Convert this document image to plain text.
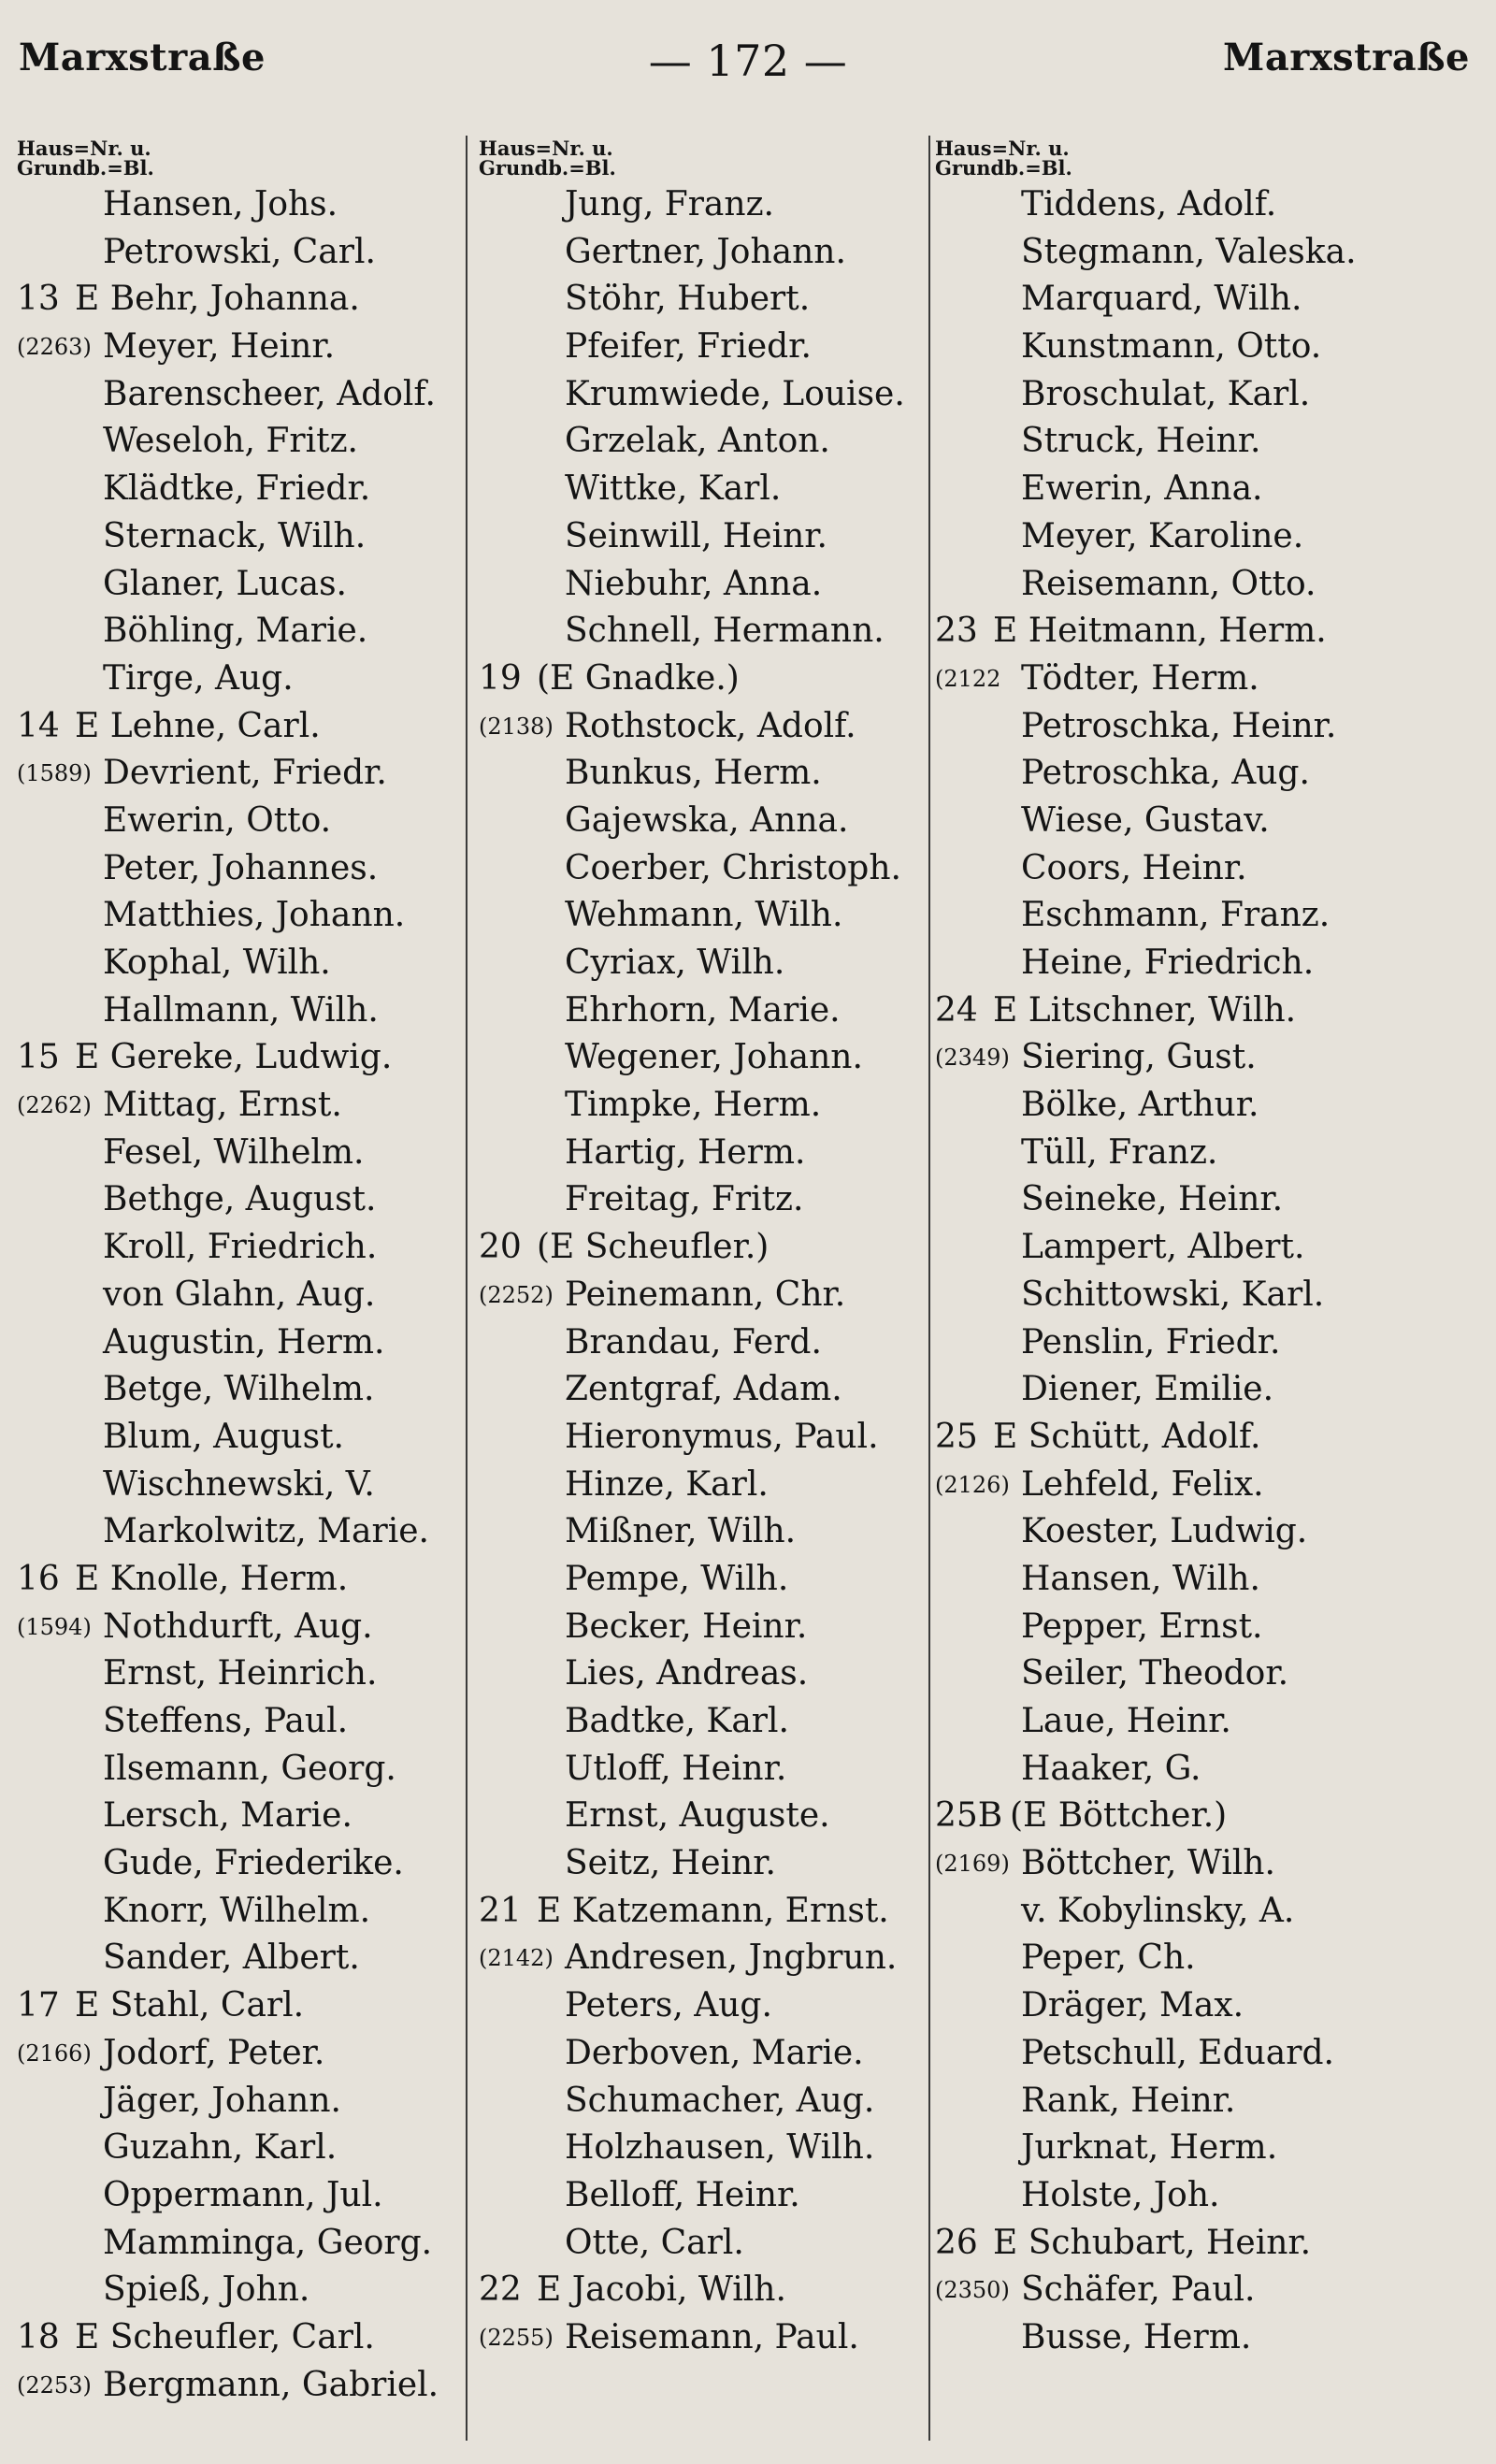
Marxstraße	— 172 —	Marxstraße
Haus=Nr. u.
Grundb.=Bl.
Hansen, Johs.
Petrowski, Carl.
13 E Behr, Johanna.
(2263) Meyer, Heinr.
Barenscheer, Adolf.
Weseloh, Fritz.
Klädtke, Friedr.
Sternack, Wilh.
Glaner, Lucas.
Böhling, Marie.
Tirge, Aug.
14 E Lehne, Carl.
(1589) Devrient, Friedr.
Ewerin, Otto.
Peter, Johannes.
Matthies, Johann.
Kophal, Wilh.
Hallmann, Wilh.
15 E Gereke, Ludwig.
(2262) Mittag, Ernst.
Fesel, Wilhelm.
Bethge, August.
Kroll, Friedrich.
von Glahn, Aug.
Augustin, Herm.
Betge, Wilhelm.
Blum, August.
Wischnewski, V.
Markolwitz, Marie.
16 E Knolle, Herm.
(1594) Nothdurft, Aug.
Ernst, Heinrich.
Steffens, Paul.
Ilsemann, Georg.
Lersch, Marie.
Gude, Friederike.
Knorr, Wilhelm.
Sander, Albert.
17 E Stahl, Carl.
(2166) Jodorf, Peter.
Jäger, Johann.
Guzahn, Karl.
Oppermann, Jul.
Mamminga, Georg.
Spieß, John.
18 E Scheufler, Carl.
(2253) Bergmann, Gabriel.
Haus=Nr. u.
Grundb.=Bl.
Jung, Franz.
Gertner, Johann.
Stöhr, Hubert.
Pfeifer, Friedr.
Krumwiede, Louise.
Grzelak, Anton.
Wittke, Karl.
Seinwill, Heinr.
Niebuhr, Anna.
Schnell, Hermann.
19 (E Gnadke.)
(2138) Rothstock, Adolf.
Bunkus, Herm.
Gajewska, Anna.
Coerber, Christoph.
Wehmann, Wilh.
Cyriax, Wilh.
Ehrhorn, Marie.
Wegener, Johann.
Timpke, Herm.
Hartig, Herm.
Freitag, Fritz.
20 (E Scheufler.)
(2252) Peinemann, Chr.
Brandau, Ferd.
Zentgraf, Adam.
Hieronymus, Paul.
Hinze, Karl.
Mißner, Wilh.
Pempe, Wilh.
Becker, Heinr.
Lies, Andreas.
Badtke, Karl.
Utloff, Heinr.
Ernst, Auguste.
Seitz, Heinr.
21 E Katzemann, Ernst.
(2142) Andresen, Jngbrun.
Peters, Aug.
Derboven, Marie.
Schumacher, Aug.
Holzhausen, Wilh.
Belloff, Heinr.
Otte, Carl.
22 E Jacobi, Wilh.
(2255) Reisemann, Paul.
Haus=Nr. u.
Grundb.=Bl.
Tiddens, Adolf.
Stegmann, Valeska.
Marquard, Wilh.
Kunstmann, Otto.
Broschulat, Karl.
Struck, Heinr.
Ewerin, Anna.
Meyer, Karoline.
Reisemann, Otto.
23 E Heitmann, Herm.
(2122 Tödter, Herm.
Petroschka, Heinr.
Petroschka, Aug.
Wiese, Gustav.
Coors, Heinr.
Eschmann, Franz.
Heine, Friedrich.
24 E Litschner, Wilh.
(2349) Siering, Gust.
Bölke, Arthur.
Tüll, Franz.
Seineke, Heinr.
Lampert, Albert.
Schittowski, Karl.
Penslin, Friedr.
Diener, Emilie.
25 E Schütt, Adolf.
(2126) Lehfeld, Felix.
Koester, Ludwig.
Hansen, Wilh.
Pepper, Ernst.
Seiler, Theodor.
Laue, Heinr.
Haaker, G.
25B (E Böttcher.)
(2169) Böttcher, Wilh.
v. Kobylinsky, A.
Peper, Ch.
Dräger, Max.
Petschull, Eduard.
Rank, Heinr.
Jurknat, Herm.
Holste, Joh.
26 E Schubart, Heinr.
(2350) Schäfer, Paul.
Busse, Herm.
